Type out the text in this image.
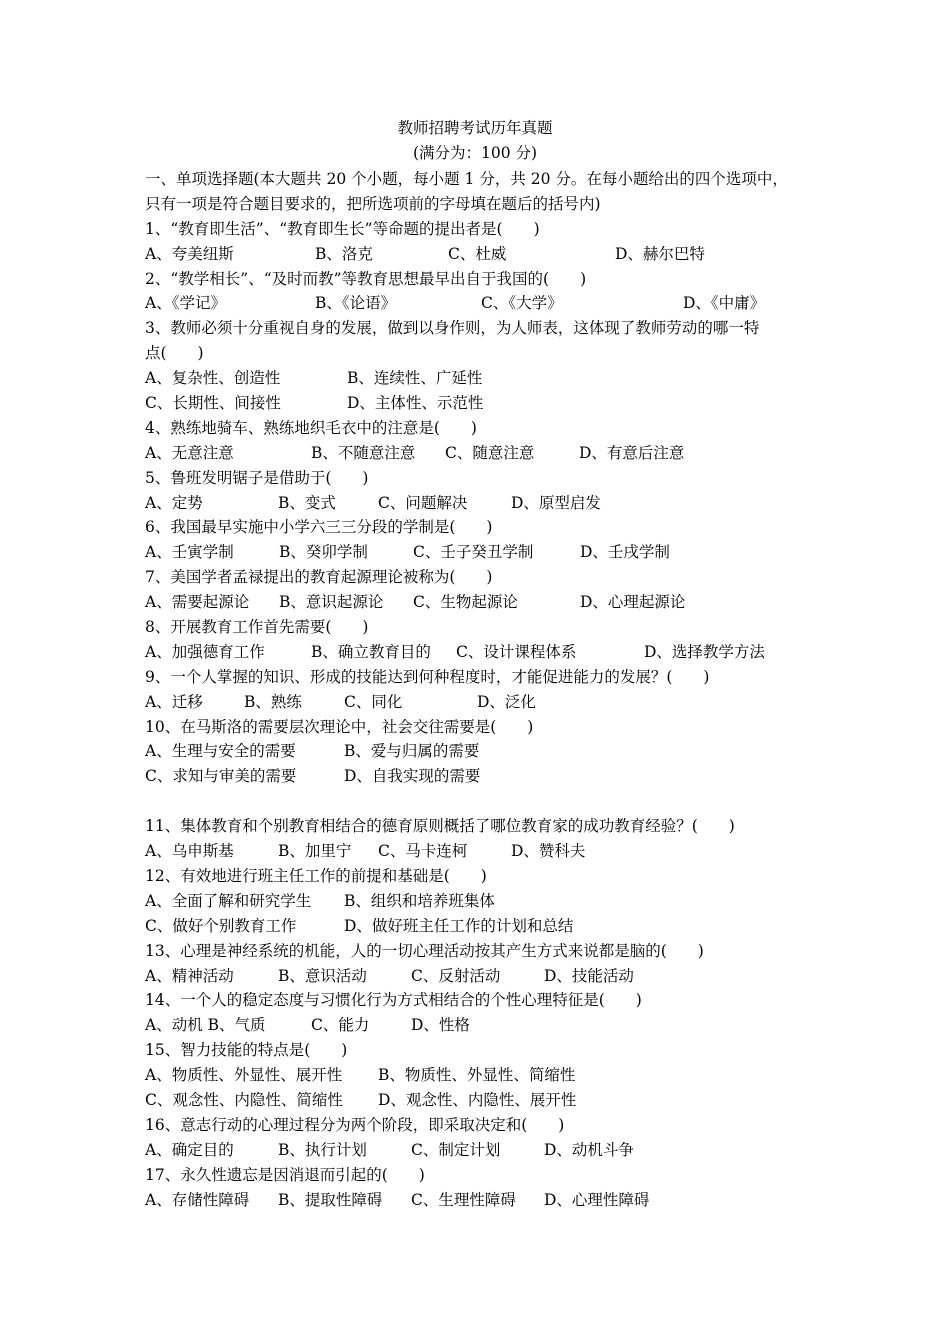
教师招聘考试历年真题
(满分为：100 分)
一、单项选择题(本大题共 20 个小题，每小题 1 分，共 20 分。在每小题给出的四个选项中，
只有一项是符合题目要求的，把所选项前的字母填在题后的括号内)
1、“教育即生活”、“教育即生长”等命题的提出者是(　　)
A、夸美纽斯	B、洛克	C、杜威	D、赫尔巴特
2、“教学相长”、“及时而教”等教育思想最早出自于我国的(　　)
A、《学记》	B、《论语》	C、《大学》	D、《中庸》
3、教师必须十分重视自身的发展，做到以身作则，为人师表，这体现了教师劳动的哪一特
点(　　)
A、复杂性、创造性	B、连续性、广延性
C、长期性、间接性	D、主体性、示范性
4、熟练地骑车、熟练地织毛衣中的注意是(　　)
A、无意注意	B、不随意注意 C、随意注意	D、有意后注意
5、鲁班发明锯子是借助于(　　)
A、定势	B、变式	C、问题解决	D、原型启发
6、我国最早实施中小学六三三分段的学制是(　　)
A、壬寅学制	B、癸卯学制	C、壬子癸丑学制	D、壬戌学制
7、美国学者孟禄提出的教育起源理论被称为(　　)
A、需要起源论 B、意识起源论 C、生物起源论	D、心理起源论
8、开展教育工作首先需要(　　)
A、加强德育工作	B、确立教育目的 C、设计课程体系	D、选择教学方法
9、一个人掌握的知识、形成的技能达到何种程度时，才能促进能力的发展？(　　)
A、迁移	B、熟练	C、同化	D、泛化
10、在马斯洛的需要层次理论中，社会交往需要是(　　)
A、生理与安全的需要	B、爱与归属的需要
C、求知与审美的需要	D、自我实现的需要
11、集体教育和个别教育相结合的德育原则概括了哪位教育家的成功教育经验？(　　)
A、乌申斯基	B、加里宁 C、马卡连柯	D、赞科夫
12、有效地进行班主任工作的前提和基础是(　　)
A、全面了解和研究学生 B、组织和培养班集体
C、做好个别教育工作	D、做好班主任工作的计划和总结
13、心理是神经系统的机能，人的一切心理活动按其产生方式来说都是脑的(　　)
A、精神活动	B、意识活动	C、反射活动	D、技能活动
14、一个人的稳定态度与习惯化行为方式相结合的个性心理特征是(　　)
A、动机 B、气质	C、能力	D、性格
15、智力技能的特点是(　　)
A、物质性、外显性、展开性 B、物质性、外显性、简缩性
C、观念性、内隐性、简缩性 D、观念性、内隐性、展开性
16、意志行动的心理过程分为两个阶段，即采取决定和(　　)
A、确定目的	B、执行计划	C、制定计划	D、动机斗争
17、永久性遗忘是因消退而引起的(　　)
A、存储性障碍 B、提取性障碍 C、生理性障碍 D、心理性障碍
